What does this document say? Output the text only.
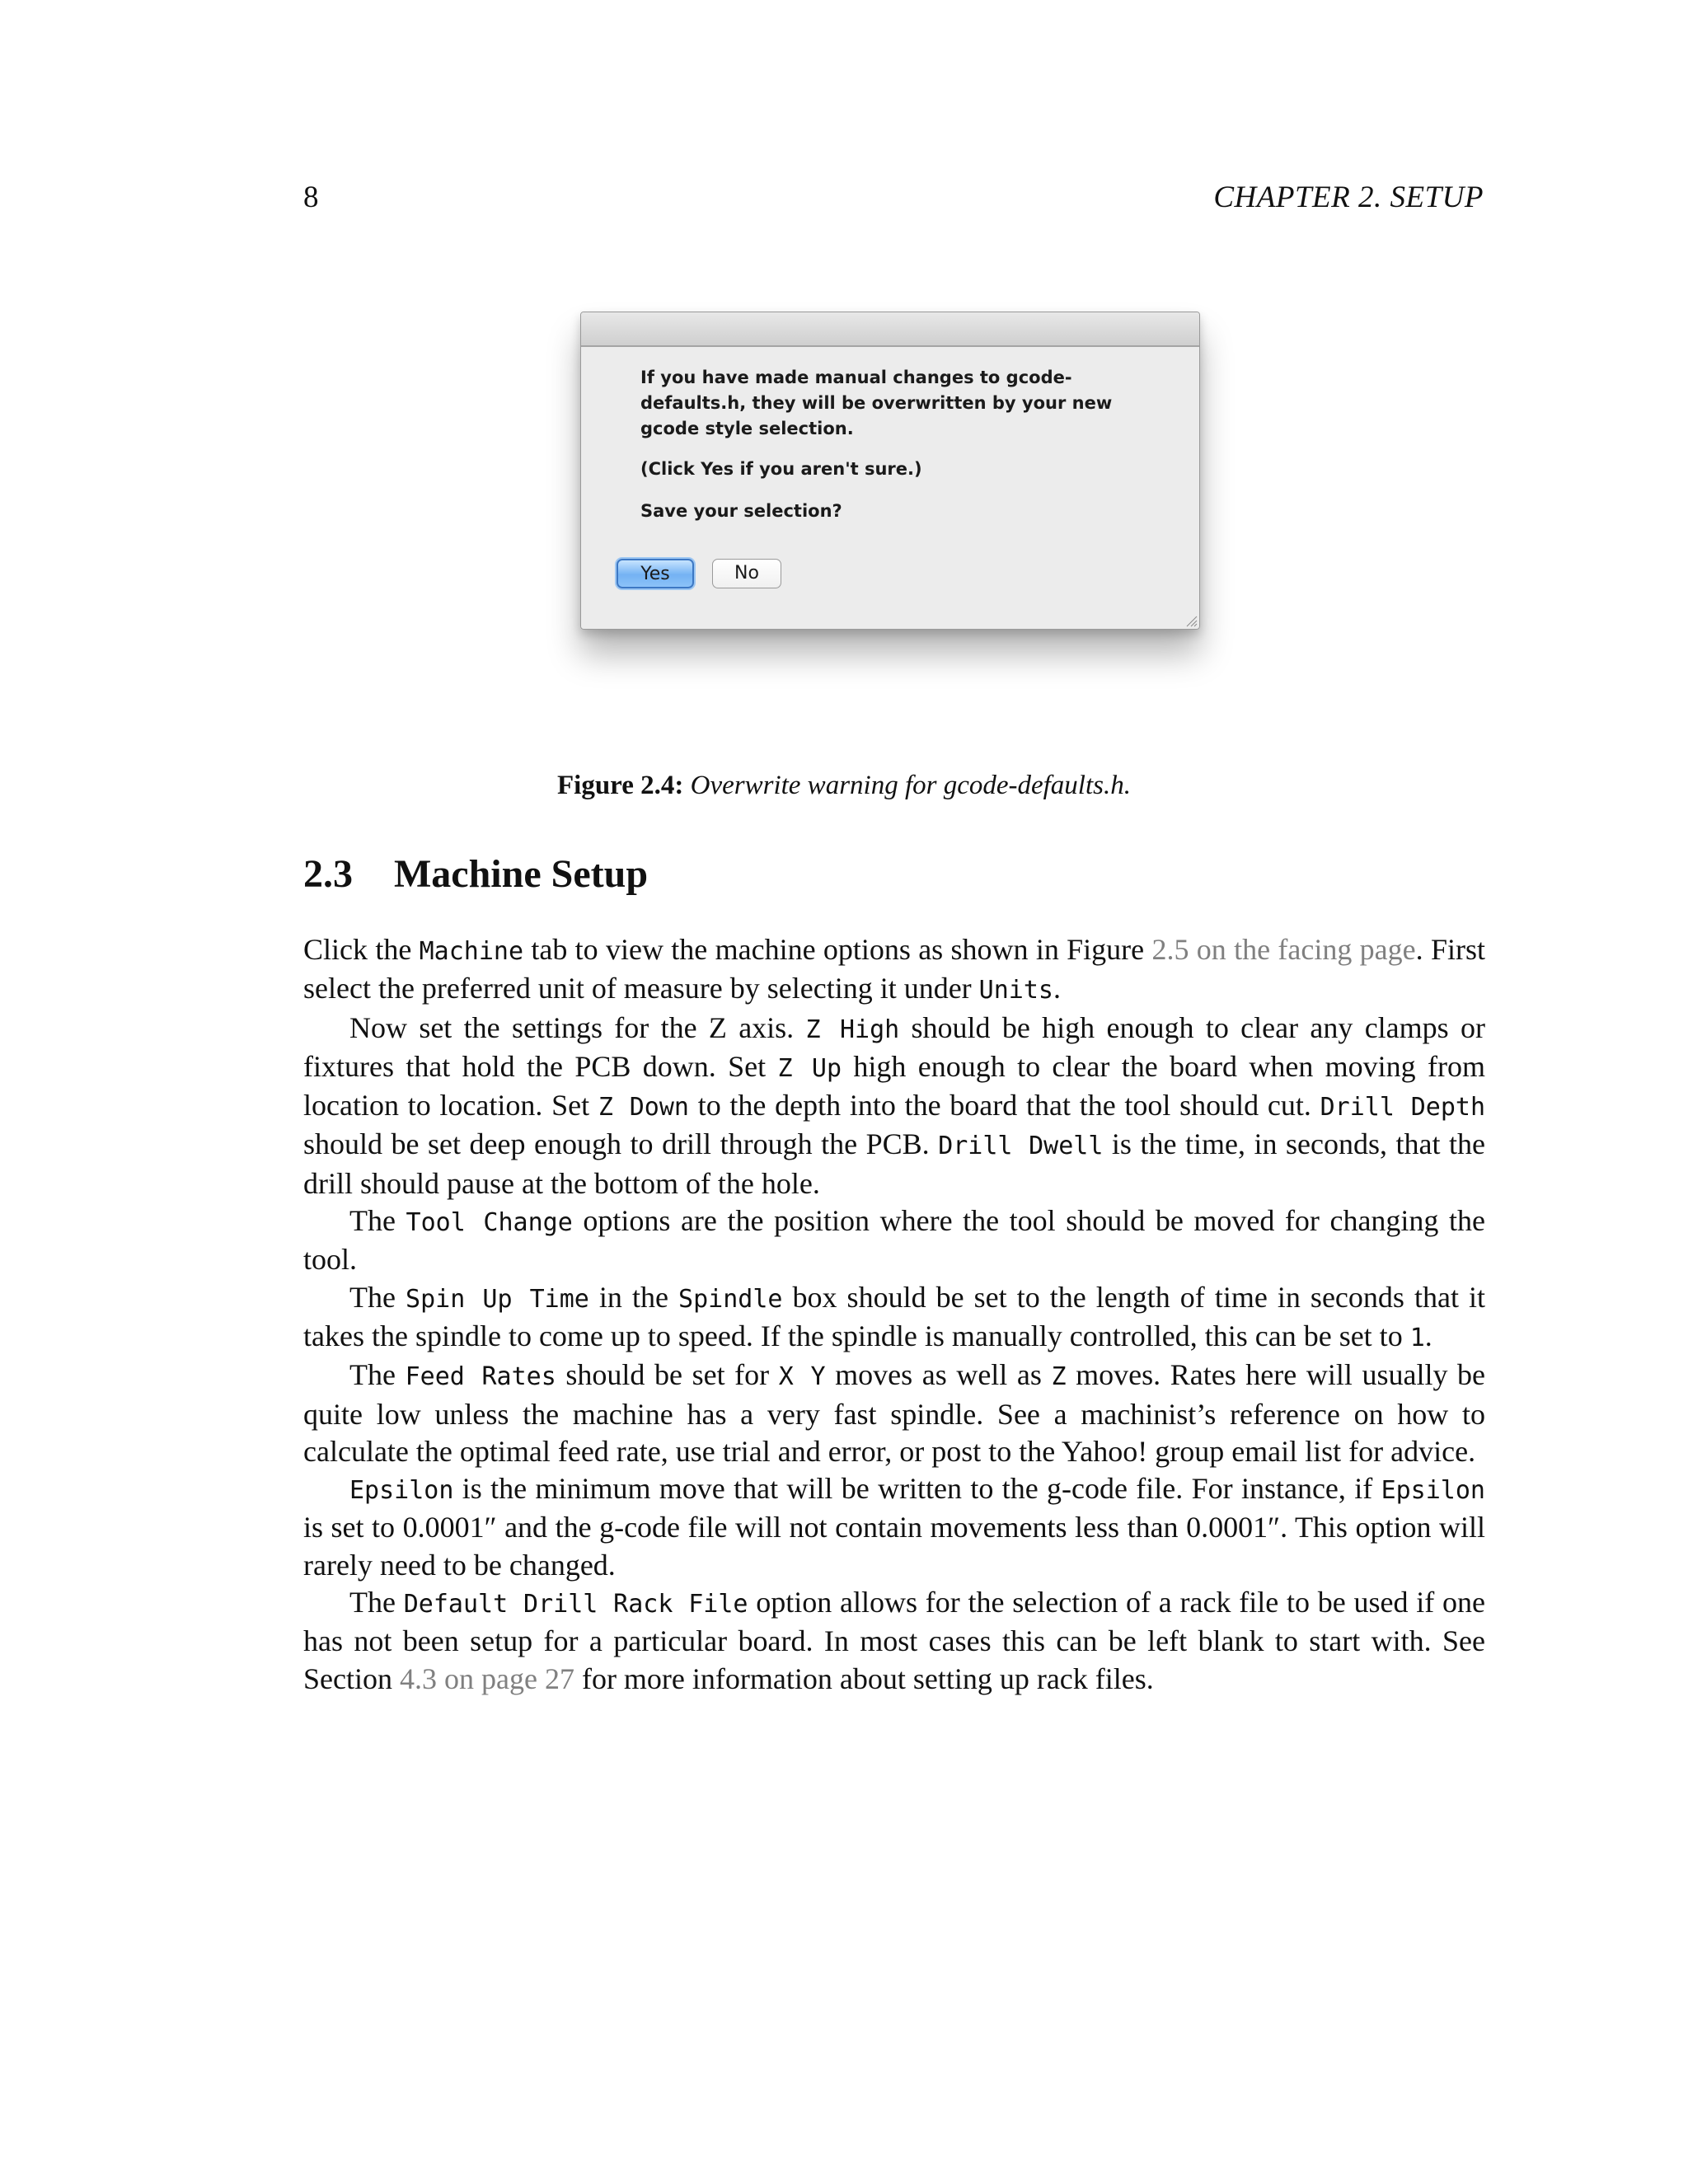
8	CHAPTER 2. SETUP
If you have made manual changes to gcode-defaults.h, they will be overwritten by your new gcode style selection.
(Click Yes if you aren't sure.)
Save your selection?
Yes	No
Figure 2.4: Overwrite warning for gcode-defaults.h.
2.3 Machine Setup

Click the Machine tab to view the machine options as shown in Figure 2.5 on the facing page. First select the preferred unit of measure by selecting it under Units.

Now set the settings for the Z axis. Z High should be high enough to clear any clamps or fixtures that hold the PCB down. Set Z Up high enough to clear the board when moving from location to location. Set Z Down to the depth into the board that the tool should cut. Drill Depth should be set deep enough to drill through the PCB. Drill Dwell is the time, in seconds, that the drill should pause at the bottom of the hole.

The Tool Change options are the position where the tool should be moved for changing the tool.

The Spin Up Time in the Spindle box should be set to the length of time in seconds that it takes the spindle to come up to speed. If the spindle is manually controlled, this can be set to 1.

The Feed Rates should be set for X Y moves as well as Z moves. Rates here will usually be quite low unless the machine has a very fast spindle. See a machinist’s reference on how to calculate the optimal feed rate, use trial and error, or post to the Yahoo! group email list for advice.

Epsilon is the minimum move that will be written to the g-code file. For instance, if Epsilon is set to 0.0001″ and the g-code file will not contain movements less than 0.0001″. This option will rarely need to be changed.

The Default Drill Rack File option allows for the selection of a rack file to be used if one has not been setup for a particular board. In most cases this can be left blank to start with. See Section 4.3 on page 27 for more information about setting up rack files.
